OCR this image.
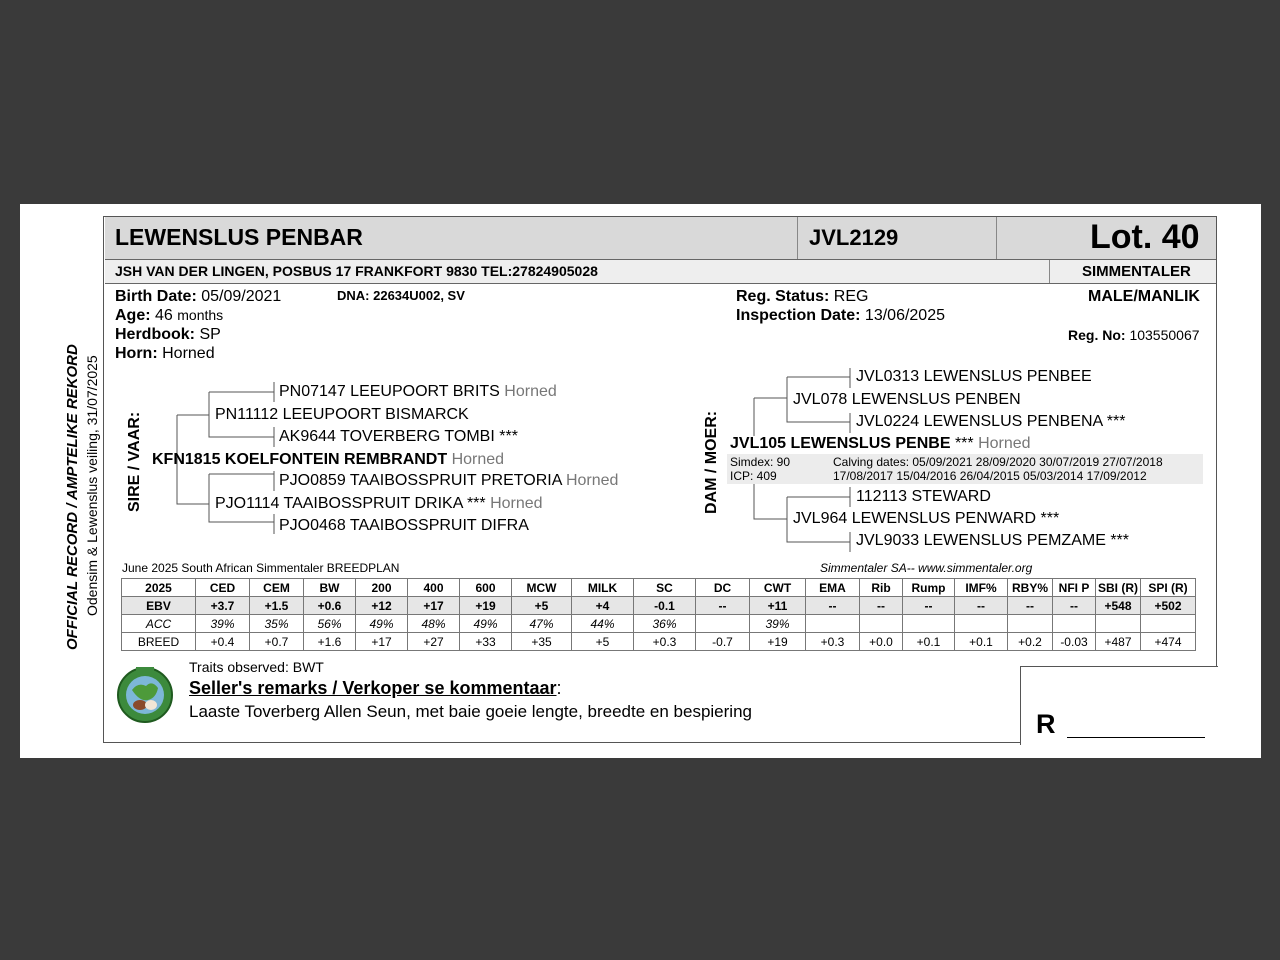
OFFICIAL RECORD / AMPTELIKE REKORD Odensim & Lewenslus veiling, 31/07/2025
LEWENSLUS PENBAR	JVL2129	Lot. 40
JSH VAN DER LINGEN, POSBUS 17 FRANKFORT 9830 TEL:27824905028	SIMMENTALER
Birth Date: 05/09/2021	DNA: 22634U002, SV
Age: 46 months
Herdbook: SP
Horn: Horned
Reg. Status: REG
Inspection Date: 13/06/2025
MALE/MANLIK
Reg. No: 103550067
SIRE / VAAR:
PN07147 LEEUPOORT BRITS Horned
PN11112 LEEUPOORT BISMARCK
AK9644 TOVERBERG TOMBI ***
KFN1815 KOELFONTEIN REMBRANDT Horned
PJO0859 TAAIBOSSPRUIT PRETORIA Horned
PJO1114 TAAIBOSSPRUIT DRIKA *** Horned
PJO0468 TAAIBOSSPRUIT DIFRA
DAM / MOER:
JVL0313 LEWENSLUS PENBEE
JVL078 LEWENSLUS PENBEN
JVL0224 LEWENSLUS PENBENA ***
JVL105 LEWENSLUS PENBE *** Horned
Simdex: 90
ICP: 409
Calving dates: 05/09/2021 28/09/2020 30/07/2019 27/07/2018
17/08/2017 15/04/2016 26/04/2015 05/03/2014 17/09/2012
112113 STEWARD
JVL964 LEWENSLUS PENWARD ***
JVL9033 LEWENSLUS PEMZAME ***
June 2025 South African Simmentaler BREEDPLAN	Simmentaler SA-- www.simmentaler.org
2025	CED	CEM	BW	200	400	600	MCW	MILK	SC	DC	CWT	EMA	Rib	Rump	IMF%	RBY%	NFI P	SBI (R)	SPI (R)
EBV	+3.7	+1.5	+0.6	+12	+17	+19	+5	+4	-0.1	--	+11	--	--	--	--	--	--	+548	+502
ACC	39%	35%	56%	49%	48%	49%	47%	44%	36%		39%								
BREED	+0.4	+0.7	+1.6	+17	+27	+33	+35	+5	+0.3	-0.7	+19	+0.3	+0.0	+0.1	+0.1	+0.2	-0.03	+487	+474
Traits observed: BWT
Seller's remarks / Verkoper se kommentaar:
Laaste Toverberg Allen Seun, met baie goeie lengte, breedte en bespiering	R
